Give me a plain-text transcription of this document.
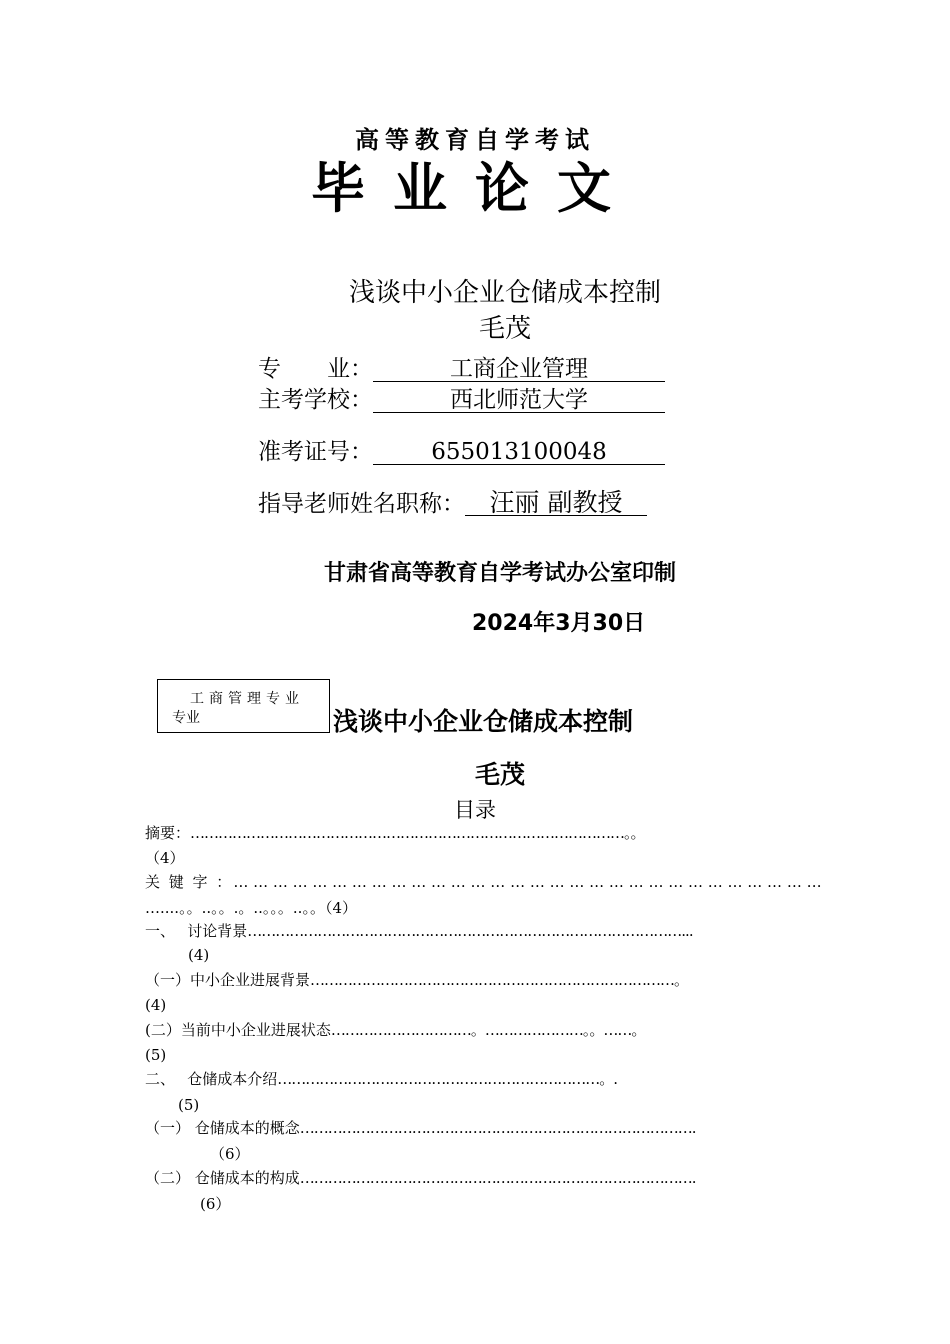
高等教育自学考试
毕业论文
浅谈中小企业仓储成本控制
毛茂
专　　业：	工商企业管理
主考学校：	西北师范大学
准考证号：	655013100048
指导老师姓名职称： 汪丽 副教授
甘肃省高等教育自学考试办公室印制
2024年3月30日
工商管理专业
专业	浅谈中小企业仓储成本控制
毛茂
目录
摘要：…………………………………………………………………………………。。
（4）
关 键 字 ：… … … … … … … … … … … … … … … … … … … … … … … … … … … … … …
…....。。..。。.。..。。。..。。（4）
一、　 讨论背景…………………………………………………………………………………...
(4)
（一）中小企业进展背景……………………………………………………………………。
(4)
(二）当前中小企业进展状态…………………………。…………………。。……。
(5)
二、　 仓储成本介绍……………………………………………………………。.
(5)
（一） 仓储成本的概念………………………………………………………………………….
（6）
（二） 仓储成本的构成………………………………………………………………………….
(6）
